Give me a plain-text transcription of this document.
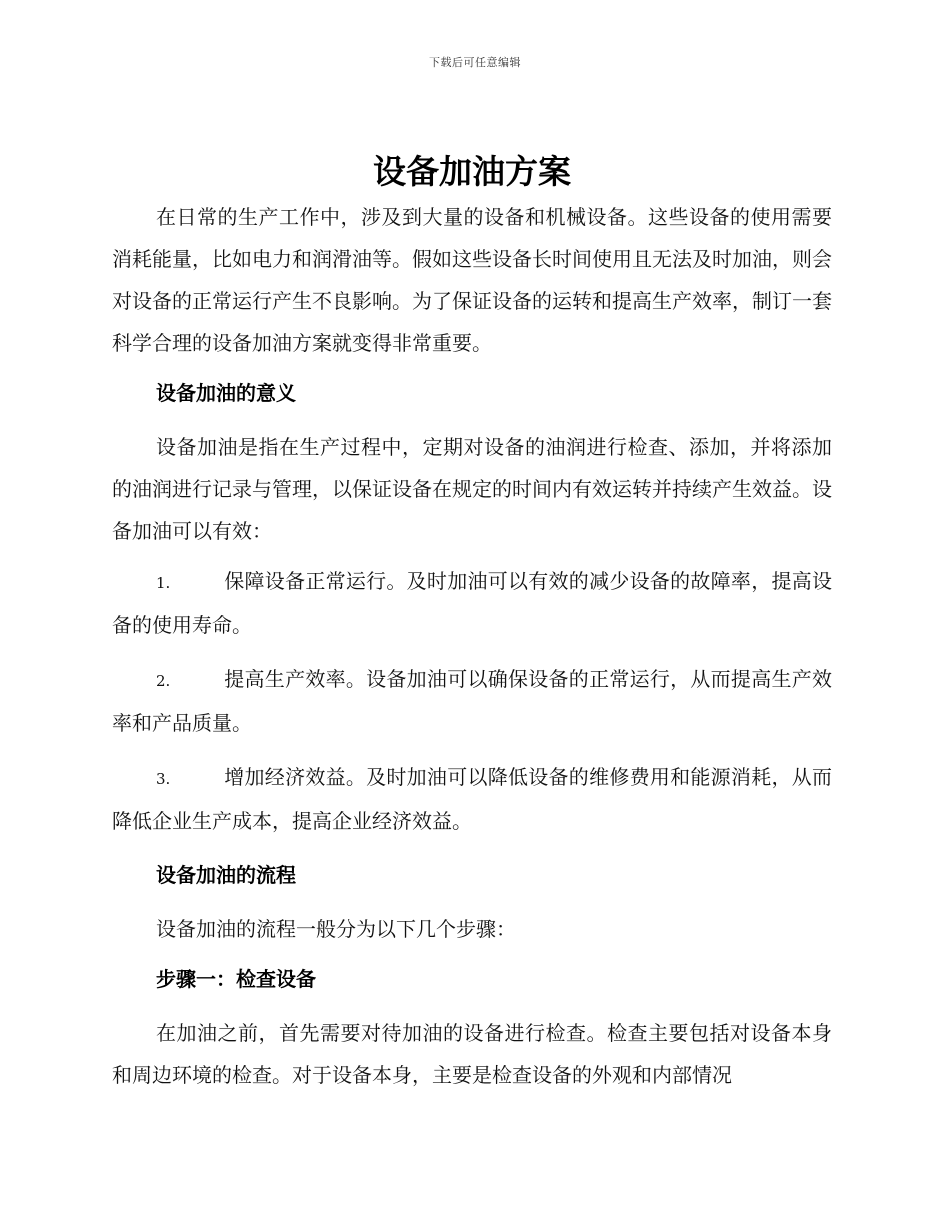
下载后可任意编辑
设备加油方案

在日常的生产工作中，涉及到大量的设备和机械设备。这些设备的使用需要消耗能量，比如电力和润滑油等。假如这些设备长时间使用且无法及时加油，则会对设备的正常运行产生不良影响。为了保证设备的运转和提高生产效率，制订一套科学合理的设备加油方案就变得非常重要。

设备加油的意义

设备加油是指在生产过程中，定期对设备的油润进行检查、添加，并将添加的油润进行记录与管理，以保证设备在规定的时间内有效运转并持续产生效益。设备加油可以有效：

1.	保障设备正常运行。及时加油可以有效的减少设备的故障率，提高设备的使用寿命。

2.	提高生产效率。设备加油可以确保设备的正常运行，从而提高生产效率和产品质量。

3.	增加经济效益。及时加油可以降低设备的维修费用和能源消耗，从而降低企业生产成本，提高企业经济效益。

设备加油的流程

设备加油的流程一般分为以下几个步骤：

步骤一：检查设备

在加油之前，首先需要对待加油的设备进行检查。检查主要包括对设备本身和周边环境的检查。对于设备本身，主要是检查设备的外观和内部情况
